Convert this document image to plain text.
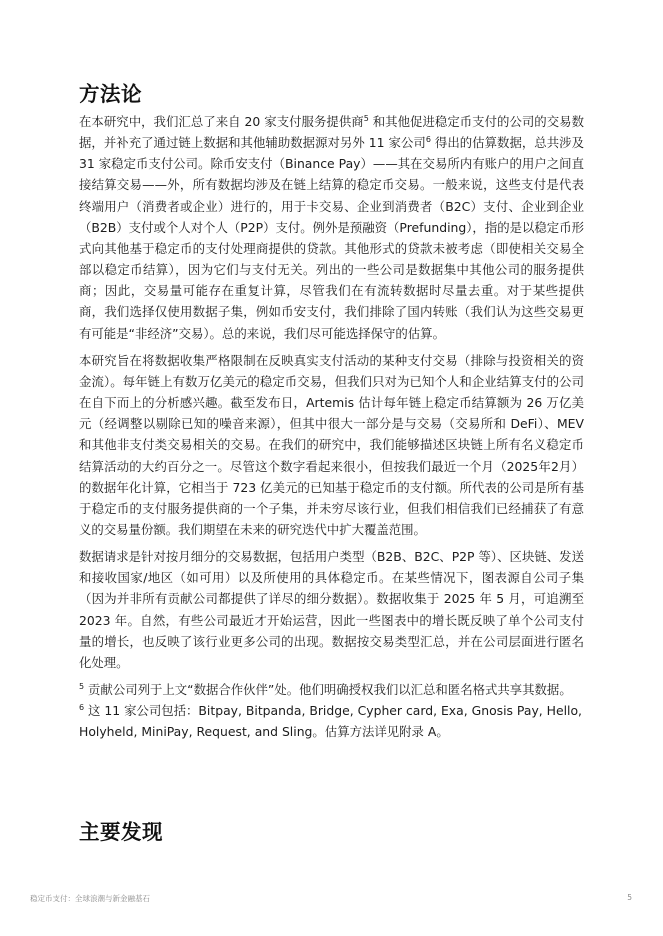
方法论

在本研究中，我们汇总了来自 20 家支付服务提供商$^5$ 和其他促进稳定币支付的公司的交易数据，并补充了通过链上数据和其他辅助数据源对另外 11 家公司$^6$ 得出的估算数据，总共涉及 31 家稳定币支付公司。除币安支付（Binance Pay）——其在交易所内有账户的用户之间直接结算交易——外，所有数据均涉及在链上结算的稳定币交易。一般来说，这些支付是代表终端用户（消费者或企业）进行的，用于卡交易、企业到消费者（B2C）支付、企业到企业（B2B）支付或个人对个人（P2P）支付。例外是预融资（Prefunding），指的是以稳定币形式向其他基于稳定币的支付处理商提供的贷款。其他形式的贷款未被考虑（即使相关交易全部以稳定币结算），因为它们与支付无关。列出的一些公司是数据集中其他公司的服务提供商；因此，交易量可能存在重复计算，尽管我们在有流转数据时尽量去重。对于某些提供商，我们选择仅使用数据子集，例如币安支付，我们排除了国内转账（我们认为这些交易更有可能是“非经济”交易）。总的来说，我们尽可能选择保守的估算。

本研究旨在将数据收集严格限制在反映真实支付活动的某种支付交易（排除与投资相关的资金流）。每年链上有数万亿美元的稳定币交易，但我们只对为已知个人和企业结算支付的公司在自下而上的分析感兴趣。截至发布日，Artemis 估计每年链上稳定币结算额为 26 万亿美元（经调整以剔除已知的噪音来源），但其中很大一部分是与交易（交易所和 DeFi）、MEV 和其他非支付类交易相关的交易。在我们的研究中，我们能够描述区块链上所有名义稳定币结算活动的大约百分之一。尽管这个数字看起来很小，但按我们最近一个月（2025年2月）的数据年化计算，它相当于 723 亿美元的已知基于稳定币的支付额。所代表的公司是所有基于稳定币的支付服务提供商的一个子集，并未穷尽该行业，但我们相信我们已经捕获了有意义的交易量份额。我们期望在未来的研究迭代中扩大覆盖范围。

数据请求是针对按月细分的交易数据，包括用户类型（B2B、B2C、P2P 等）、区块链、发送和接收国家/地区（如可用）以及所使用的具体稳定币。在某些情况下，图表源自公司子集（因为并非所有贡献公司都提供了详尽的细分数据）。数据收集于 2025 年 5 月，可追溯至 2023 年。自然，有些公司最近才开始运营，因此一些图表中的增长既反映了单个公司支付量的增长，也反映了该行业更多公司的出现。数据按交易类型汇总，并在公司层面进行匿名化处理。

$^5$ 贡献公司列于上文“数据合作伙伴”处。他们明确授权我们以汇总和匿名格式共享其数据。

$^6$ 这 11 家公司包括：Bitpay, Bitpanda, Bridge, Cypher card, Exa, Gnosis Pay, Hello, Holyheld, MiniPay, Request, and Sling。估算方法详见附录 A。

主要发现
稳定币支付：全球浪潮与新金融基石	5
